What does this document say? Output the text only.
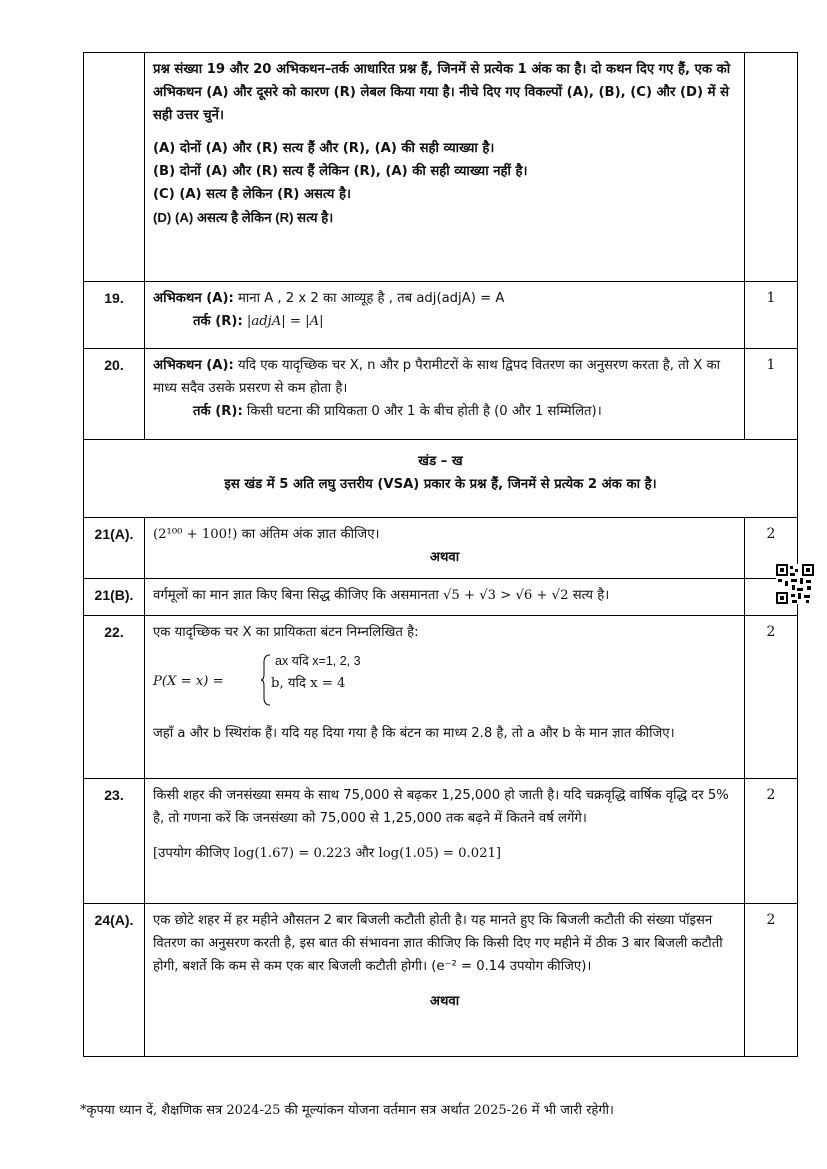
	प्रश्न संख्या 19 और 20 अभिकथन–तर्क आधारित प्रश्न हैं, जिनमें से प्रत्येक 1 अंक का है। दो कथन दिए गए हैं, एक को अभिकथन (A) और दूसरे को कारण (R) लेबल किया गया है। नीचे दिए गए विकल्पों (A), (B), (C) और (D) में से सही उत्तर चुनें।
(A) दोनों (A) और (R) सत्य हैं और (R), (A) की सही व्याख्या है।
(B) दोनों (A) और (R) सत्य हैं लेकिन (R), (A) की सही व्याख्या नहीं है।
(C) (A) सत्य है लेकिन (R) असत्य है।
(D) (A) असत्य है लेकिन (R) सत्य है।	

19.	अभिकथन (A): माना A , 2 x 2 का आव्यूह है , तब adj(adjA) = A
तर्क (R): |adjA| = |A|	1
20.	अभिकथन (A): यदि एक यादृच्छिक चर X, n और p पैरामीटरों के साथ द्विपद वितरण का अनुसरण करता है, तो X का माध्य सदैव उसके प्रसरण से कम होता है।
तर्क (R): किसी घटना की प्रायिकता 0 और 1 के बीच होती है (0 और 1 सम्मिलित)।	1

खंड – ख
इस खंड में 5 अति लघु उत्तरीय (VSA) प्रकार के प्रश्न हैं, जिनमें से प्रत्येक 2 अंक का है।		

21(A).	(2¹⁰⁰ + 100!) का अंतिम अंक ज्ञात कीजिए।
अथवा	2
21(B).	वर्गमूलों का मान ज्ञात किए बिना सिद्ध कीजिए कि असमानता √5 + √3 > √6 + √2 सत्य है।	
22.	एक यादृच्छिक चर X का प्रायिकता बंटन निम्नलिखित है:
P(X = x) =
ax यदि x=1, 2, 3
b, यदि x = 4
जहाँ a और b स्थिरांक हैं। यदि यह दिया गया है कि बंटन का माध्य 2.8 है, तो a और b के मान ज्ञात कीजिए।	2
23.	किसी शहर की जनसंख्या समय के साथ 75,000 से बढ़कर 1,25,000 हो जाती है। यदि चक्रवृद्धि वार्षिक वृद्धि दर 5% है, तो गणना करें कि जनसंख्या को 75,000 से 1,25,000 तक बढ़ने में कितने वर्ष लगेंगे।
[उपयोग कीजिए log(1.67) = 0.223 और log(1.05) = 0.021]	2
24(A).	एक छोटे शहर में हर महीने औसतन 2 बार बिजली कटौती होती है। यह मानते हुए कि बिजली कटौती की संख्या पॉइसन वितरण का अनुसरण करती है, इस बात की संभावना ज्ञात कीजिए कि किसी दिए गए महीने में ठीक 3 बार बिजली कटौती होगी, बशर्ते कि कम से कम एक बार बिजली कटौती होगी। (e⁻² = 0.14 उपयोग कीजिए)।
अथवा	2
*कृपया ध्यान दें, शैक्षणिक सत्र 2024-25 की मूल्यांकन योजना वर्तमान सत्र अर्थात 2025-26 में भी जारी रहेगी।
